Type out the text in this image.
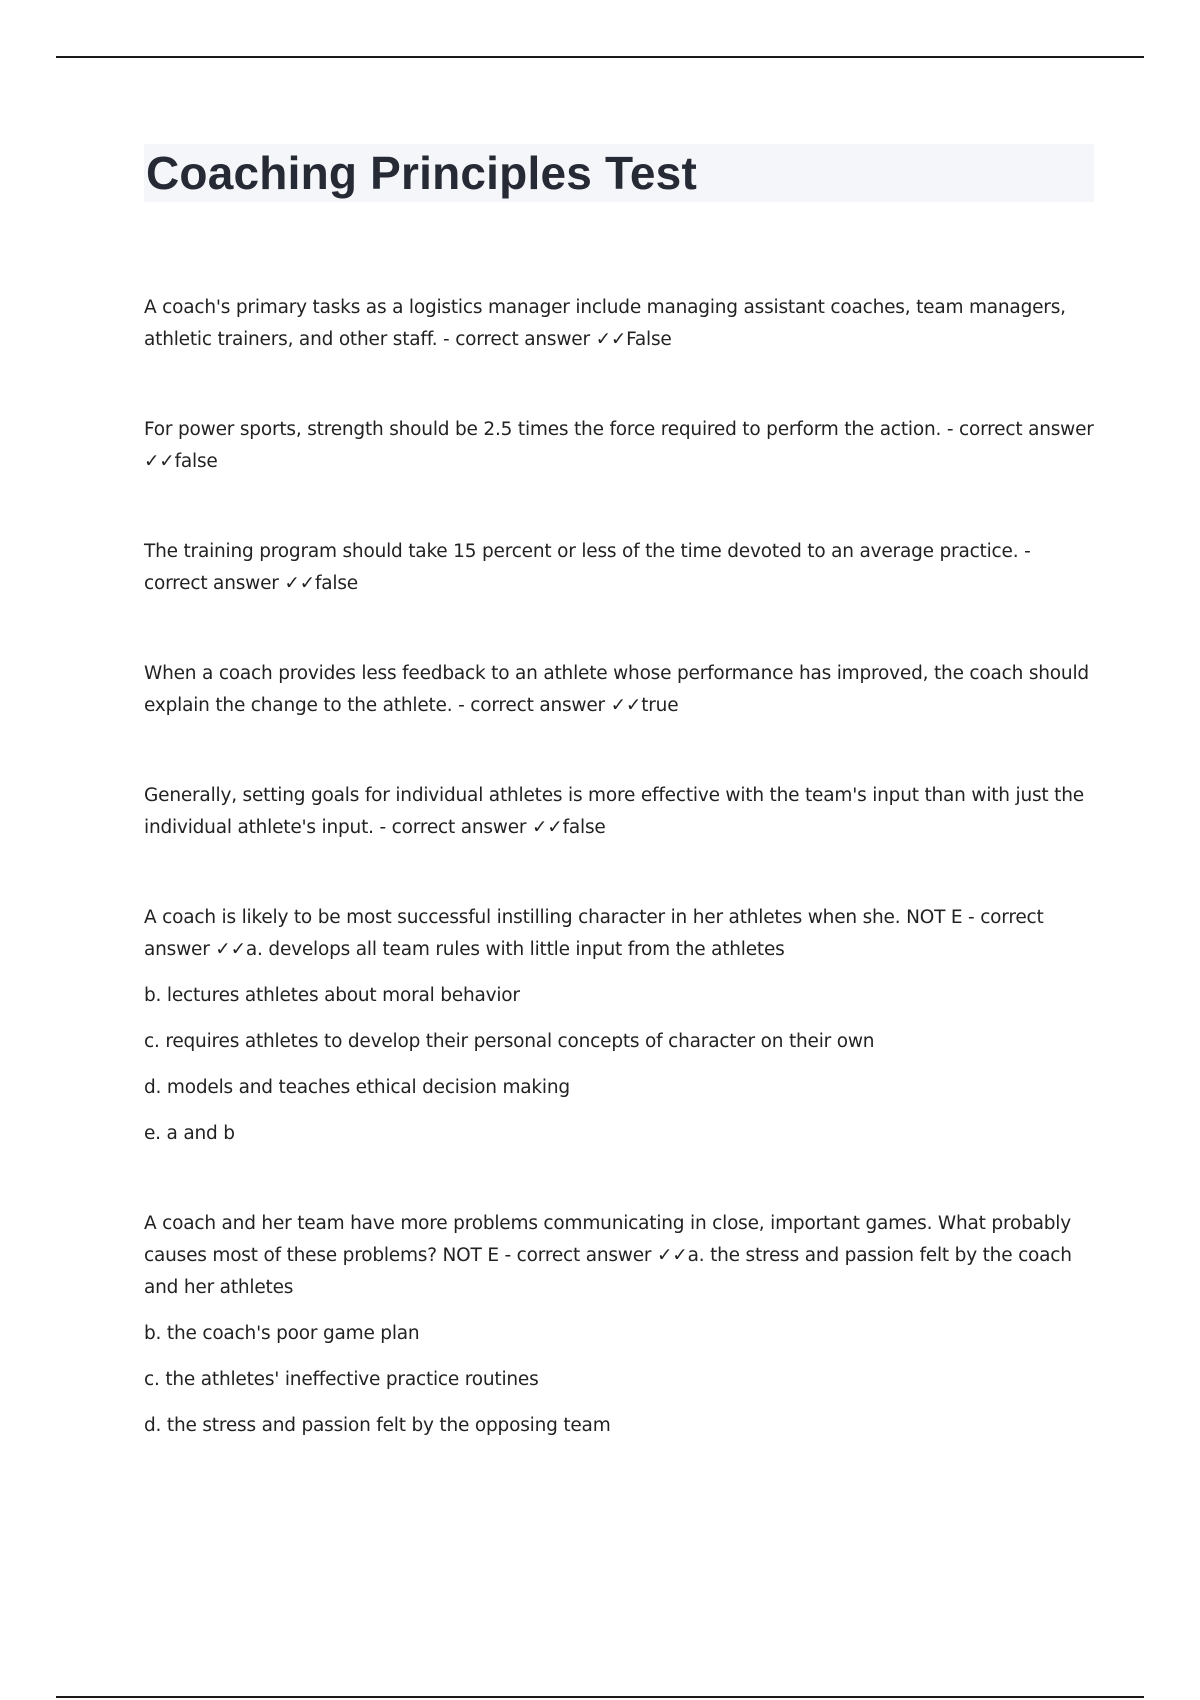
Coaching Principles Test

A coach's primary tasks as a logistics manager include managing assistant coaches, team managers, athletic trainers, and other staff. - correct answer ✓✓False

For power sports, strength should be 2.5 times the force required to perform the action. - correct answer ✓✓false

The training program should take 15 percent or less of the time devoted to an average practice. - correct answer ✓✓false

When a coach provides less feedback to an athlete whose performance has improved, the coach should explain the change to the athlete. - correct answer ✓✓true

Generally, setting goals for individual athletes is more effective with the team's input than with just the individual athlete's input. - correct answer ✓✓false

A coach is likely to be most successful instilling character in her athletes when she. NOT E - correct answer ✓✓a. develops all team rules with little input from the athletes

b. lectures athletes about moral behavior

c. requires athletes to develop their personal concepts of character on their own

d. models and teaches ethical decision making

e. a and b

A coach and her team have more problems communicating in close, important games. What probably causes most of these problems? NOT E - correct answer ✓✓a. the stress and passion felt by the coach and her athletes

b. the coach's poor game plan

c. the athletes' ineffective practice routines

d. the stress and passion felt by the opposing team
